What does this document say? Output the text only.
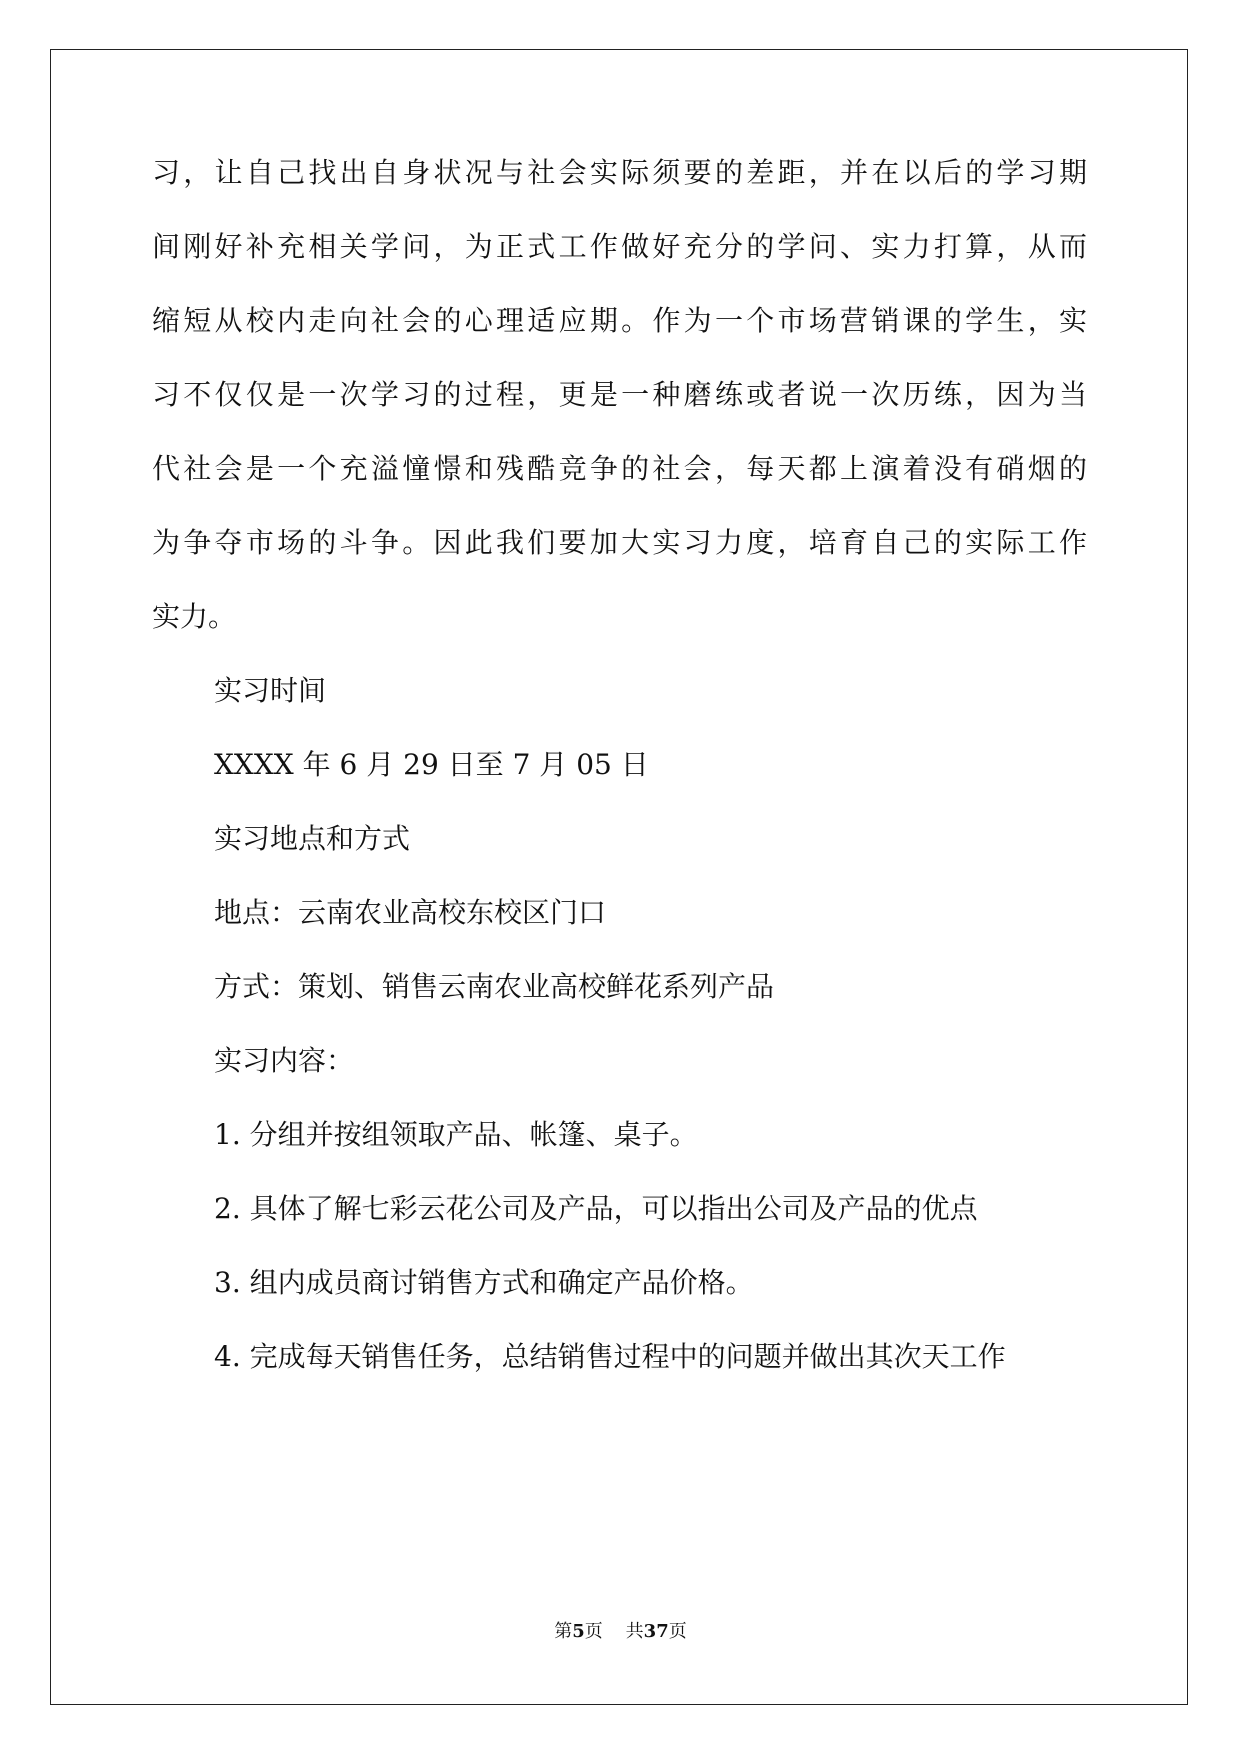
习，让自己找出自身状况与社会实际须要的差距，并在以后的学习期
间刚好补充相关学问，为正式工作做好充分的学问、实力打算，从而
缩短从校内走向社会的心理适应期。作为一个市场营销课的学生，实
习不仅仅是一次学习的过程，更是一种磨练或者说一次历练，因为当
代社会是一个充溢憧憬和残酷竞争的社会，每天都上演着没有硝烟的
为争夺市场的斗争。因此我们要加大实习力度，培育自己的实际工作
实力。
实习时间
XXXX 年 6 月 29 日至 7 月 05 日
实习地点和方式
地点：云南农业高校东校区门口
方式：策划、销售云南农业高校鲜花系列产品
实习内容：
1. 分组并按组领取产品、帐篷、桌子。
2. 具体了解七彩云花公司及产品，可以指出公司及产品的优点
3. 组内成员商讨销售方式和确定产品价格。
4. 完成每天销售任务，总结销售过程中的问题并做出其次天工作
第5页 共37页
